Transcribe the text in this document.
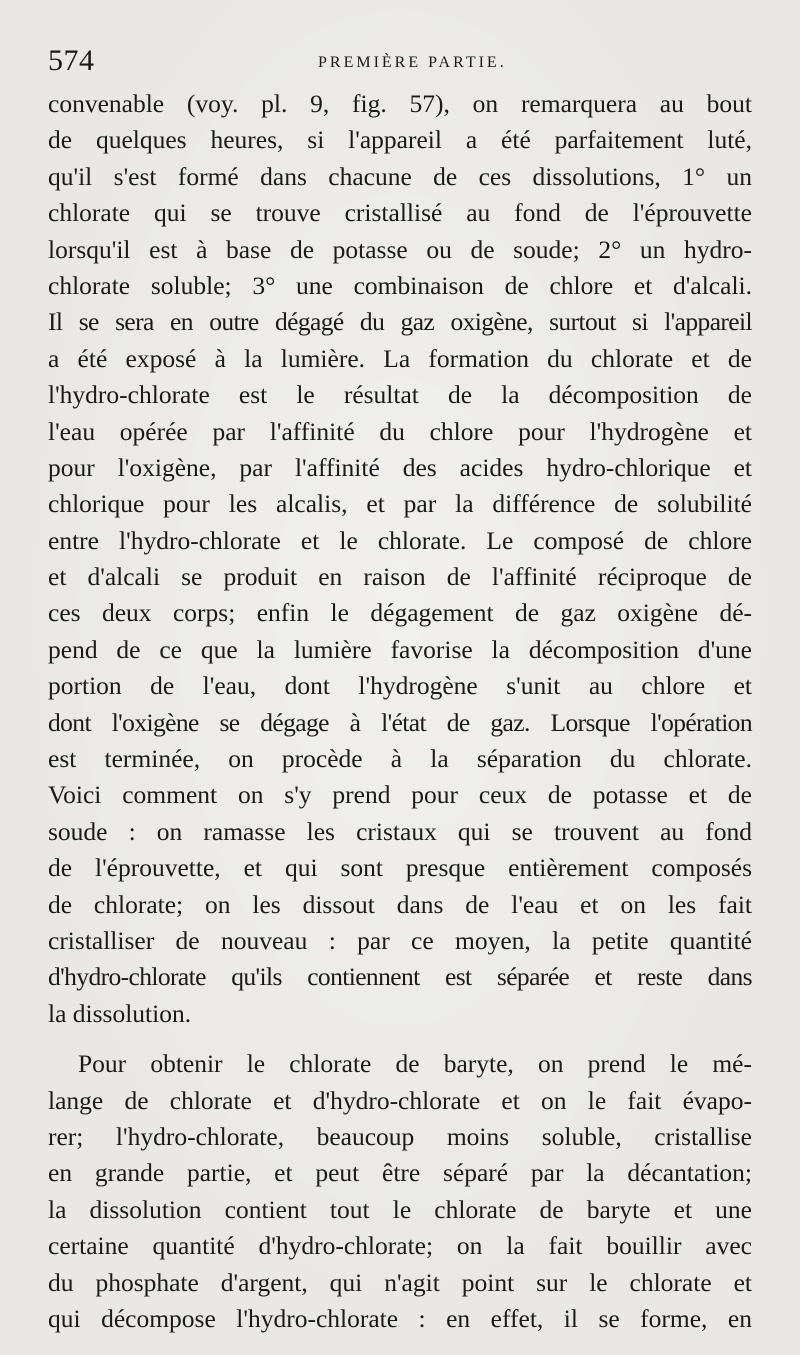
574	PREMIÈRE PARTIE.
convenable (voy. pl. 9, fig. 57), on remarquera au bout
de quelques heures, si l'appareil a été parfaitement luté,
qu'il s'est formé dans chacune de ces dissolutions, 1° un
chlorate qui se trouve cristallisé au fond de l'éprouvette
lorsqu'il est à base de potasse ou de soude; 2° un hydro-
chlorate soluble; 3° une combinaison de chlore et d'alcali.
Il se sera en outre dégagé du gaz oxigène, surtout si l'appareil
a été exposé à la lumière. La formation du chlorate et de
l'hydro-chlorate est le résultat de la décomposition de
l'eau opérée par l'affinité du chlore pour l'hydrogène et
pour l'oxigène, par l'affinité des acides hydro-chlorique et
chlorique pour les alcalis, et par la différence de solubilité
entre l'hydro-chlorate et le chlorate. Le composé de chlore
et d'alcali se produit en raison de l'affinité réciproque de
ces deux corps; enfin le dégagement de gaz oxigène dé-
pend de ce que la lumière favorise la décomposition d'une
portion de l'eau, dont l'hydrogène s'unit au chlore et
dont l'oxigène se dégage à l'état de gaz. Lorsque l'opération
est terminée, on procède à la séparation du chlorate.
Voici comment on s'y prend pour ceux de potasse et de
soude : on ramasse les cristaux qui se trouvent au fond
de l'éprouvette, et qui sont presque entièrement composés
de chlorate; on les dissout dans de l'eau et on les fait
cristalliser de nouveau : par ce moyen, la petite quantité
d'hydro-chlorate qu'ils contiennent est séparée et reste dans
la dissolution.
Pour obtenir le chlorate de baryte, on prend le mé-
lange de chlorate et d'hydro-chlorate et on le fait évapo-
rer; l'hydro-chlorate, beaucoup moins soluble, cristallise
en grande partie, et peut être séparé par la décantation;
la dissolution contient tout le chlorate de baryte et une
certaine quantité d'hydro-chlorate; on la fait bouillir avec
du phosphate d'argent, qui n'agit point sur le chlorate et
qui décompose l'hydro-chlorate : en effet, il se forme, en
